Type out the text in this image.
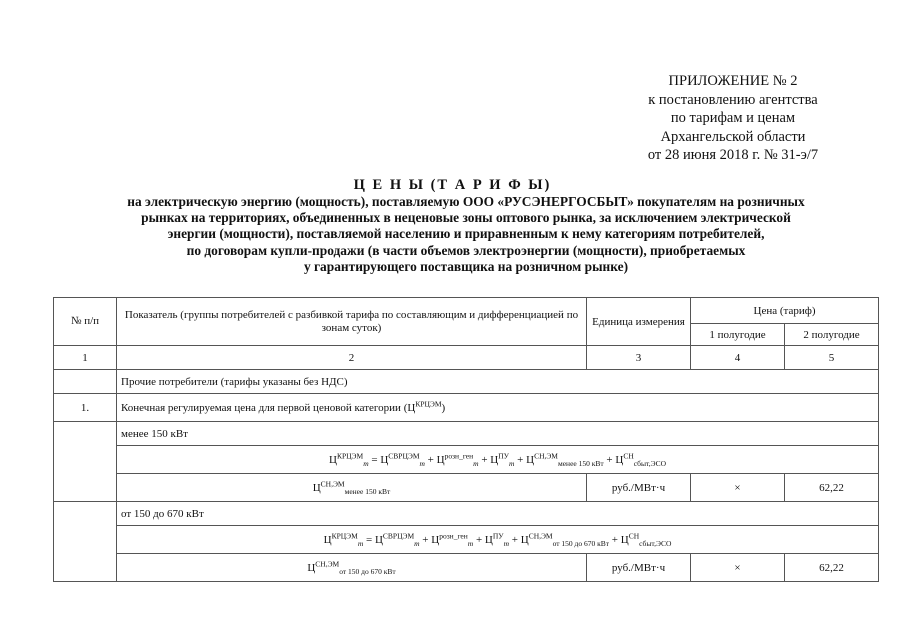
ПРИЛОЖЕНИЕ № 2
к постановлению агентства
по тарифам и ценам
Архангельской области
от 28 июня 2018 г. № 31-э/7
Ц Е Н Ы (Т А Р И Ф Ы)
на электрическую энергию (мощность), поставляемую ООО «РУСЭНЕРГОСБЫТ» покупателям на розничных
рынках на территориях, объединенных в неценовые зоны оптового рынка, за исключением электрической
энергии (мощности), поставляемой населению и приравненным к нему категориям потребителей,
по договорам купли-продажи (в части объемов электроэнергии (мощности), приобретаемых
у гарантирующего поставщика на розничном рынке)
№ п/п	Показатель (группы потребителей с разбивкой тарифа по составляющим и дифференциацией по зонам суток)	Единица измерения	Цена (тариф)	
			1 полугодие	2 полугодие
1	2	3	4	5
	Прочие потребители (тарифы указаны без НДС)			
1.	Конечная регулируемая цена для первой ценовой категории $(Ц^{КРЦЭМ})$			
	менее 150 кВт			
	$Ц^{КРЦЭМ}_m = Ц^{СВРЦЭМ}_m + Ц^{розн\_ген}_m + Ц^{ПУ}_m + Ц^{СН,ЭМ}_{менее 150 кВт} + Ц^{СН}_{сбыт,ЭСО}$
	$Ц^{СН,ЭМ}_{менее 150 кВт}$	руб./МВт·ч	×	62,22
	от 150 до 670 кВт			
	$Ц^{КРЦЭМ}_m = Ц^{СВРЦЭМ}_m + Ц^{розн\_ген}_m + Ц^{ПУ}_m + Ц^{СН,ЭМ}_{от 150 до 670 кВт} + Ц^{СН}_{сбыт,ЭСО}$
	$Ц^{СН,ЭМ}_{от 150 до 670 кВт}$	руб./МВт·ч	×	62,22
